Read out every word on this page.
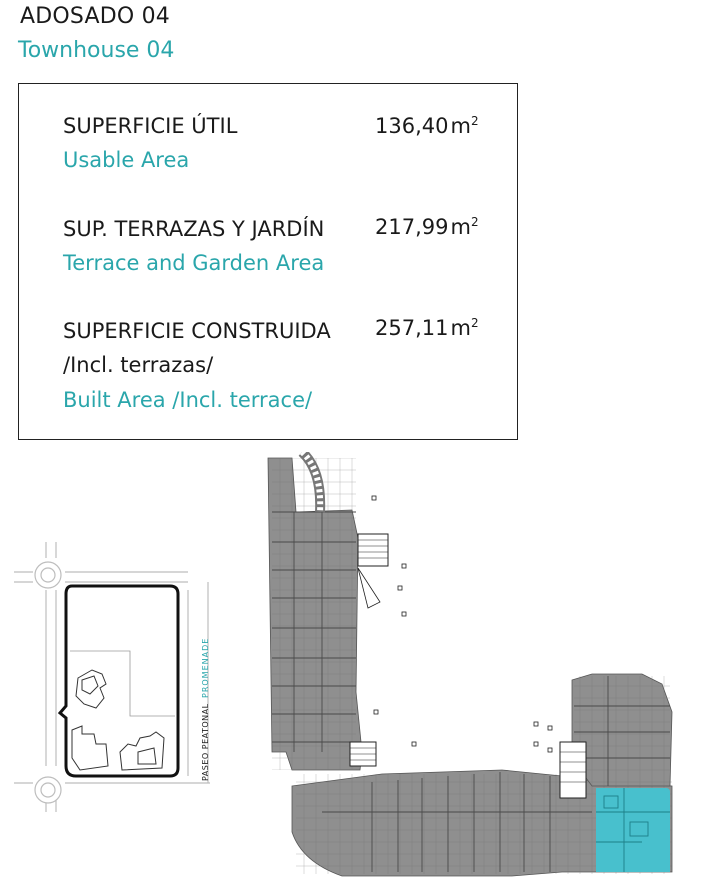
ADOSADO 04
Townhouse 04
SUPERFICIE ÚTIL
Usable Area
$136,40m^2$
SUP. TERRAZAS Y JARDÍN
Terrace and Garden Area
$217,99m^2$
SUPERFICIE CONSTRUIDA
/Incl. terrazas/
Built Area /Incl. terrace/
$257,11m^2$
PROMENADE
PASEO PEATONAL
